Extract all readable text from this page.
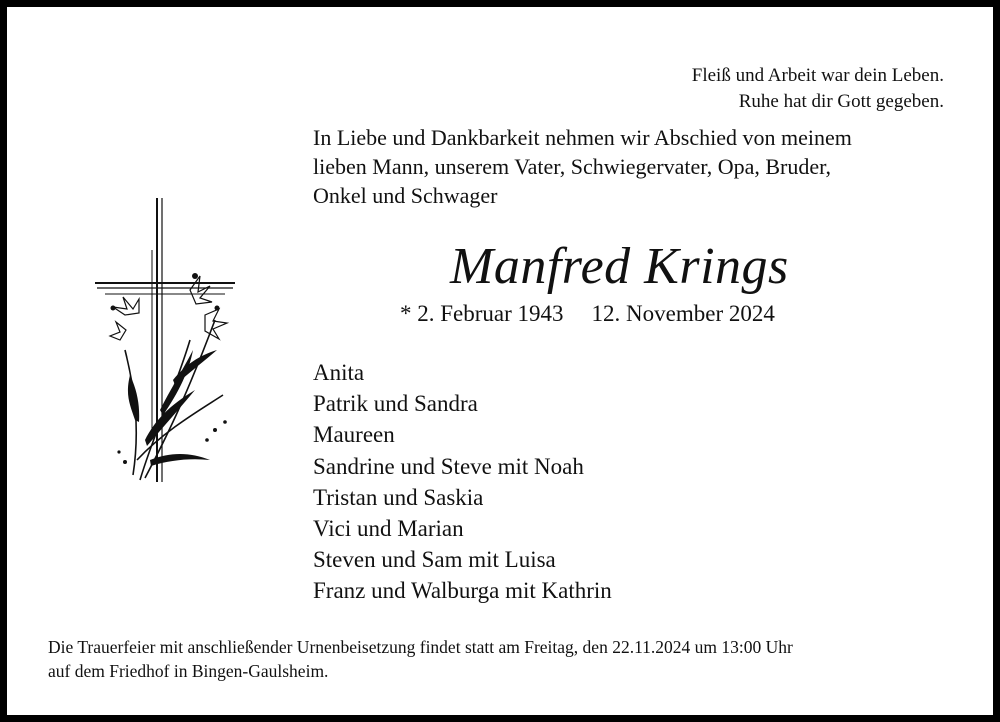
Fleiß und Arbeit war dein Leben.
Ruhe hat dir Gott gegeben.
In Liebe und Dankbarkeit nehmen wir Abschied von meinem
lieben Mann, unserem Vater, Schwiegervater, Opa, Bruder,
Onkel und Schwager
Manfred Krings
* 2. Februar 1943 12. November 2024
Anita
Patrik und Sandra
Maureen
Sandrine und Steve mit Noah
Tristan und Saskia
Vici und Marian
Steven und Sam mit Luisa
Franz und Walburga mit Kathrin
Die Trauerfeier mit anschließender Urnenbeisetzung findet statt am Freitag, den 22.11.2024 um 13:00 Uhr
auf dem Friedhof in Bingen-Gaulsheim.
